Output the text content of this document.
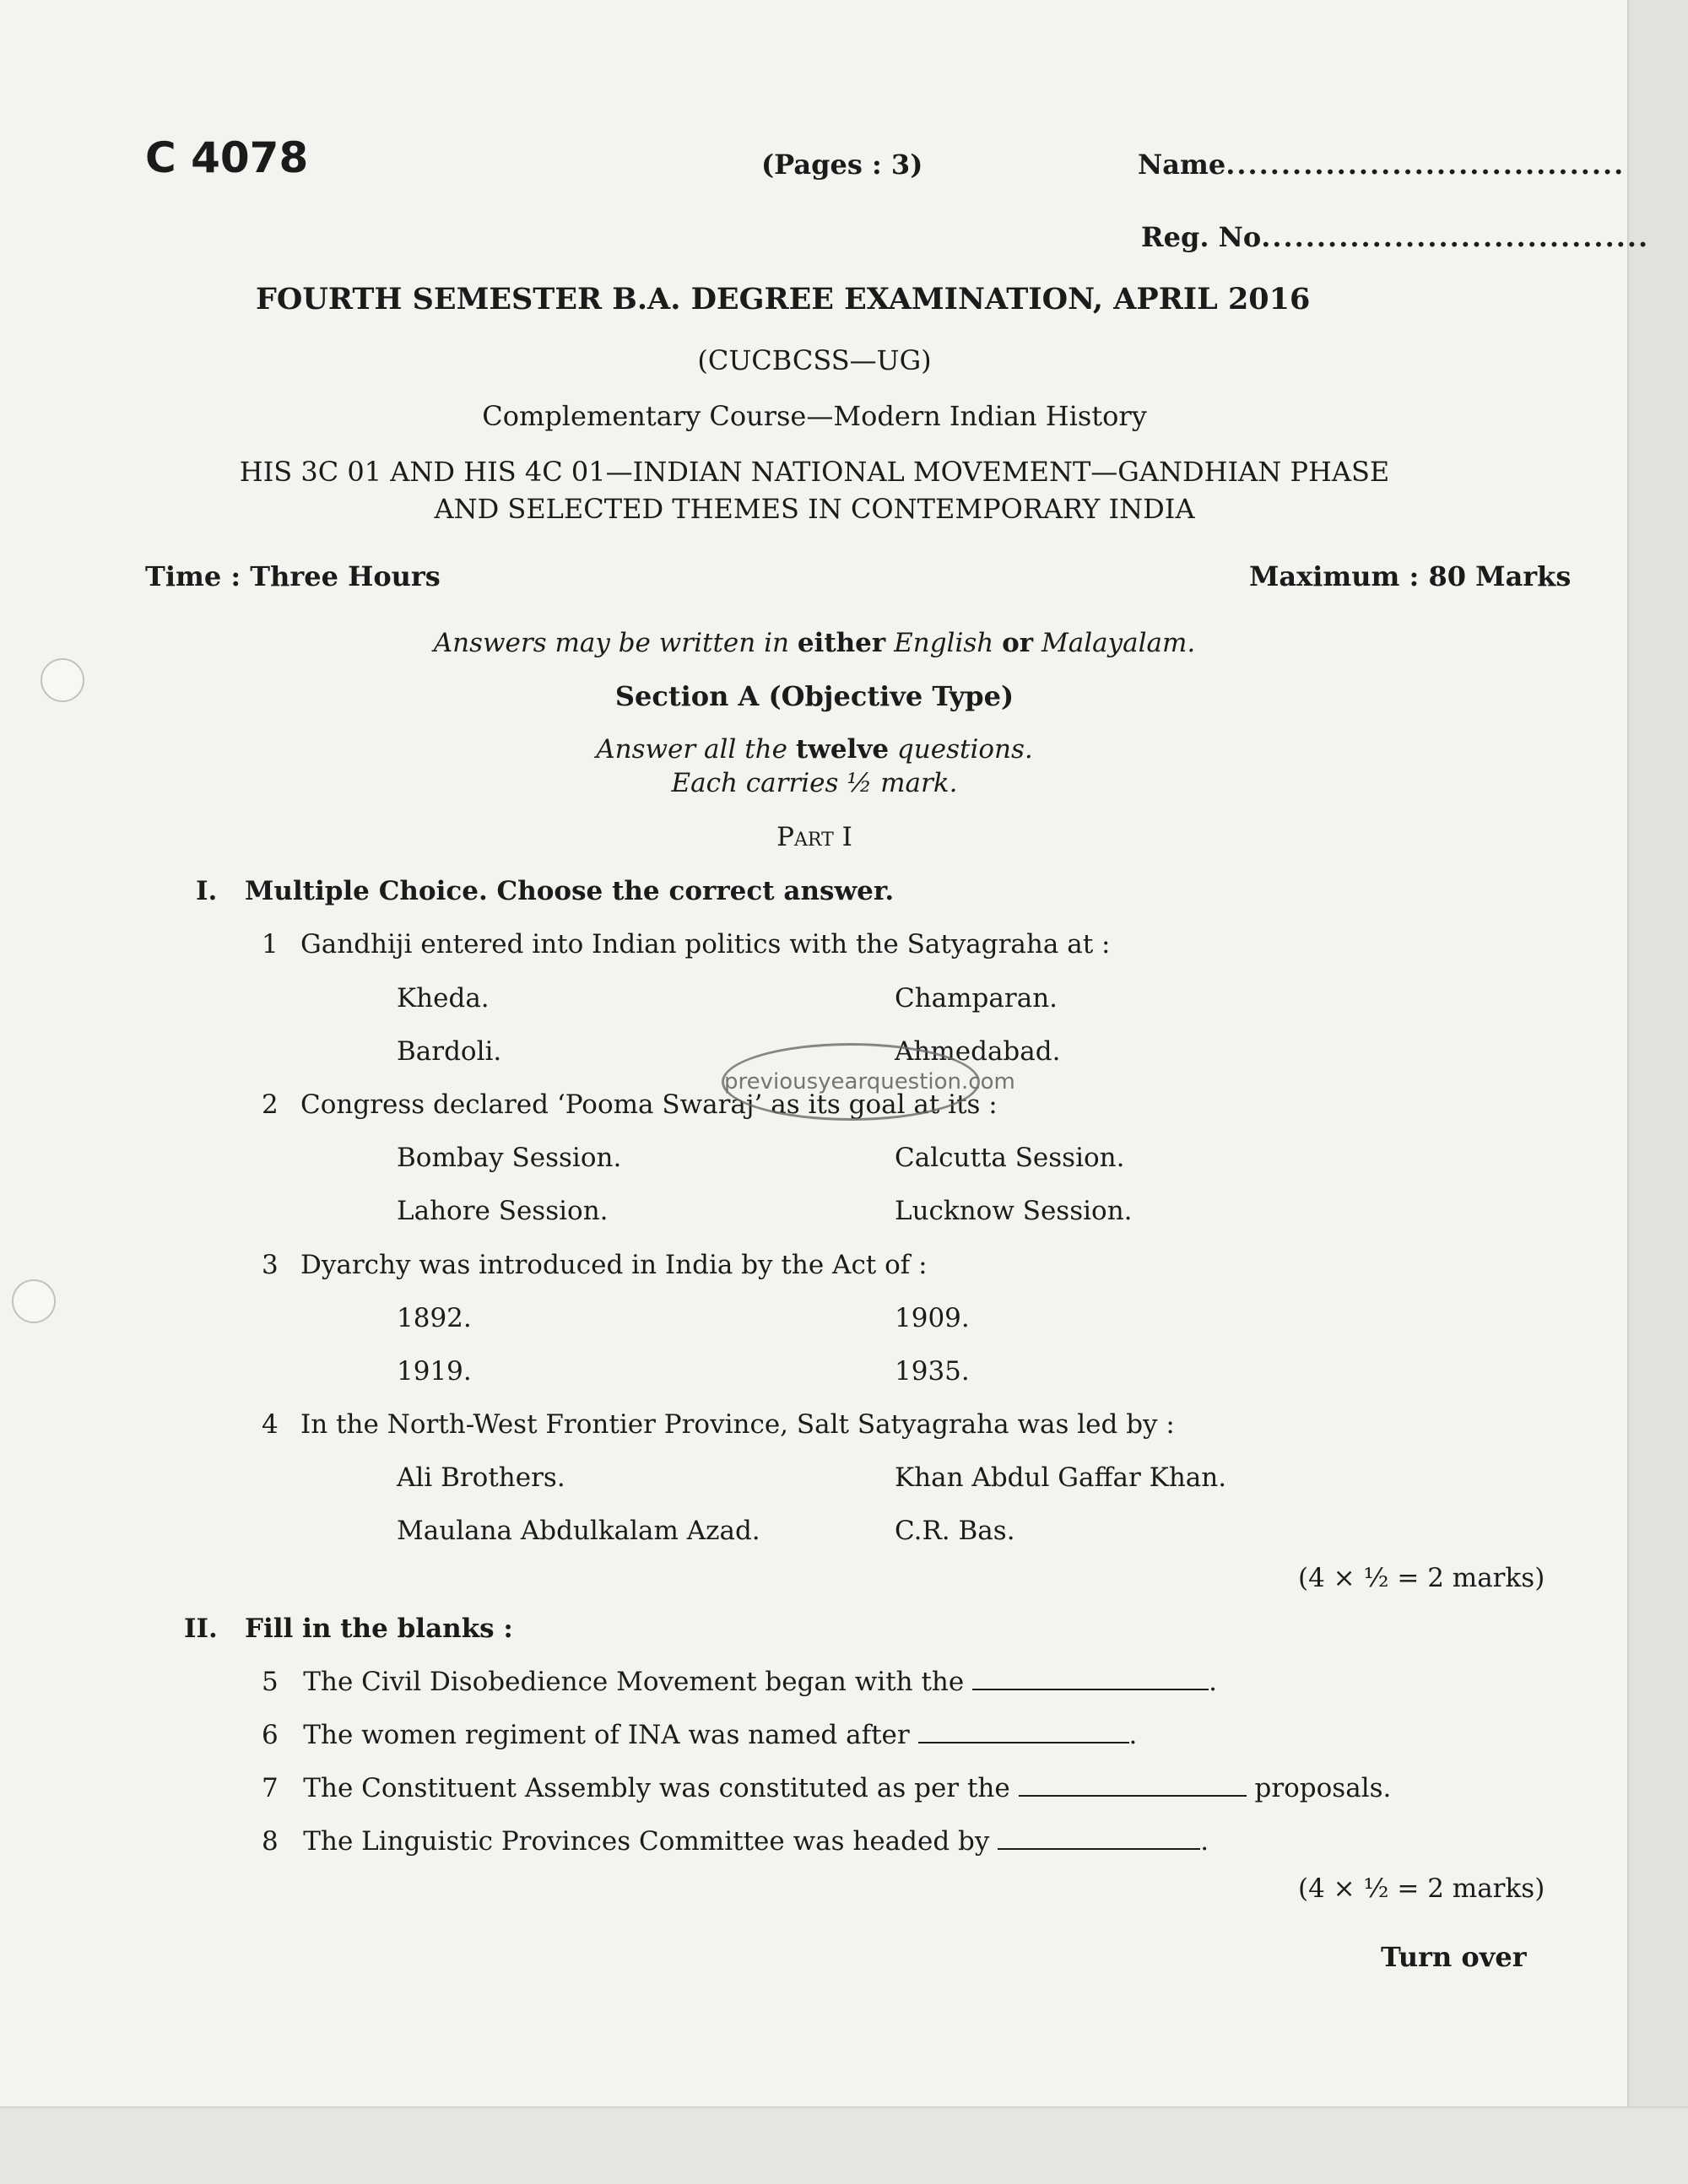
C 4078	(Pages : 3)	Name....................................
Reg. No...................................
FOURTH SEMESTER B.A. DEGREE EXAMINATION, APRIL 2016
(CUCBCSS—UG)
Complementary Course—Modern Indian History
HIS 3C 01 AND HIS 4C 01—INDIAN NATIONAL MOVEMENT—GANDHIAN PHASE
AND SELECTED THEMES IN CONTEMPORARY INDIA
Time : Three Hours	Maximum : 80 Marks
Answers may be written in either English or Malayalam.
Section A (Objective Type)
Answer all the twelve questions.
Each carries ½ mark.
Part I
I. Multiple Choice. Choose the correct answer.
1 Gandhiji entered into Indian politics with the Satyagraha at :
Kheda.	Champaran.
Bardoli.	Ahmedabad.
2 Congress declared ‘Pooma Swaraj’ as its goal at its :
Bombay Session.	Calcutta Session.
Lahore Session.	Lucknow Session.
3 Dyarchy was introduced in India by the Act of :
1892.	1909.
1919.	1935.
4 In the North-West Frontier Province, Salt Satyagraha was led by :
Ali Brothers.	Khan Abdul Gaffar Khan.
Maulana Abdulkalam Azad.	C.R. Bas.
(4 × ½ = 2 marks)
II. Fill in the blanks :
5 The Civil Disobedience Movement began with the	.
6 The women regiment of INA was named after	.
7 The Constituent Assembly was constituted as per the	proposals.
8 The Linguistic Provinces Committee was headed by	.
(4 × ½ = 2 marks)
Turn over
previousyearquestion.com
